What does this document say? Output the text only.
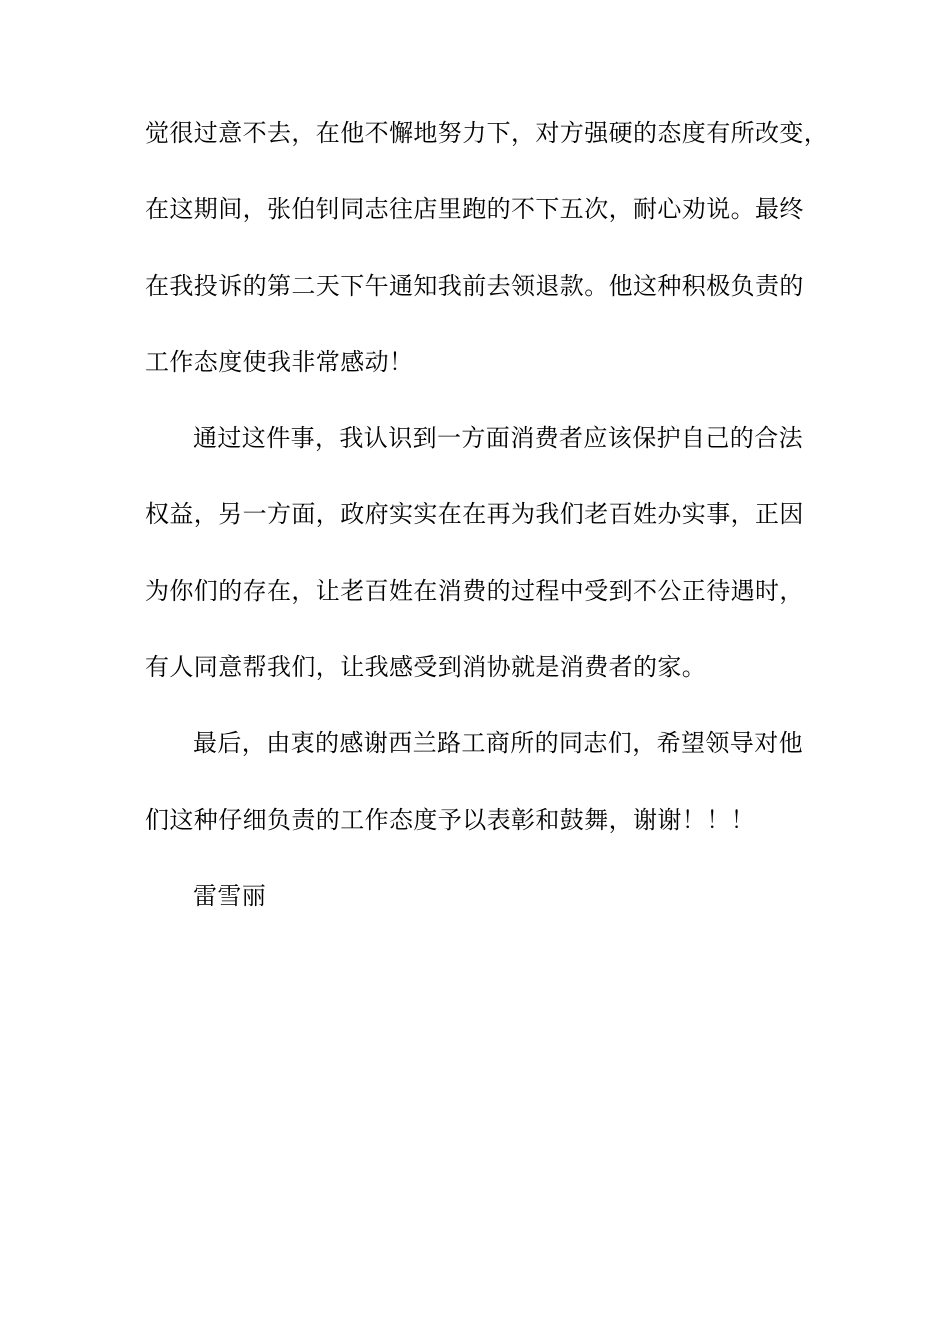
觉很过意不去，在他不懈地努力下，对方强硬的态度有所改变，
在这期间，张伯钊同志往店里跑的不下五次，耐心劝说。最终
在我投诉的第二天下午通知我前去领退款。他这种积极负责的
工作态度使我非常感动！
通过这件事，我认识到一方面消费者应该保护自己的合法
权益，另一方面，政府实实在在再为我们老百姓办实事，正因
为你们的存在，让老百姓在消费的过程中受到不公正待遇时，
有人同意帮我们，让我感受到消协就是消费者的家。
最后，由衷的感谢西兰路工商所的同志们，希望领导对他
们这种仔细负责的工作态度予以表彰和鼓舞，谢谢！！！
雷雪丽
